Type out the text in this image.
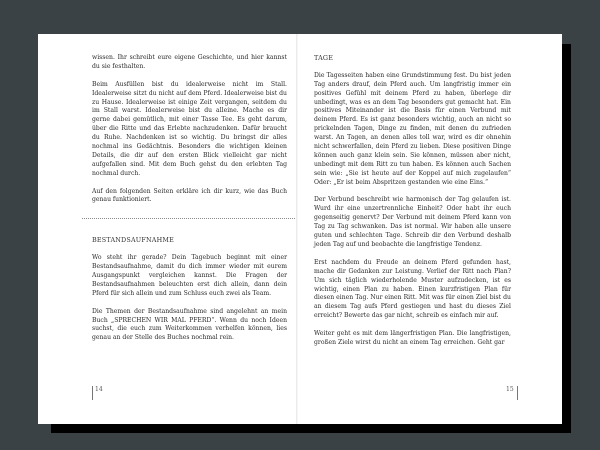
wissen. Ihr schreibt eure eigene Geschichte, und hier kannst du sie festhalten.

Beim Ausfüllen bist du idealerweise nicht im Stall. Idealerweise sitzt du nicht auf dem Pferd. Idealerweise bist du zu Hause. Idealerweise ist einige Zeit vergangen, seitdem du im Stall warst. Idealerweise bist du alleine. Mache es dir gerne dabei gemütlich, mit einer Tasse Tee. Es geht darum, über die Ritte und das Erlebte nachzudenken. Dafür braucht du Ruhe. Nachdenken ist so wichtig. Du bringst dir alles nochmal ins Gedächtnis. Besonders die wichtigen kleinen Details, die dir auf den ersten Blick vielleicht gar nicht aufgefallen sind. Mit dem Buch gehst du den erlebten Tag nochmal durch.

Auf den folgenden Seiten erkläre ich dir kurz, wie das Buch genau funktioniert.

BESTANDSAUFNAHME

Wo steht ihr gerade? Dein Tagebuch beginnt mit einer Bestandsaufnahme, damit du dich immer wieder mit eurem Ausgangspunkt vergleichen kannst. Die Fragen der Bestandsaufnahmen beleuchten erst dich allein, dann dein Pferd für sich allein und zum Schluss euch zwei als Team.

Die Themen der Bestandsaufnahme sind angelehnt an mein Buch „SPRECHEN WIR MAL PFERD“. Wenn du noch Ideen suchst, die euch zum Weiterkommen verhelfen können, lies genau an der Stelle des Buches nochmal rein.

14

TAGE

Die Tagesseiten haben eine Grundstimmung fest. Du bist jeden Tag anders drauf, dein Pferd auch. Um langfristig immer ein positives Gefühl mit deinem Pferd zu haben, überlege dir unbedingt, was es an dem Tag besonders gut gemacht hat. Ein positives Miteinander ist die Basis für einen Verbund mit deinem Pferd. Es ist ganz besonders wichtig, auch an nicht so prickelnden Tagen, Dinge zu finden, mit denen du zufrieden warst. An Tagen, an denen alles toll war, wird es dir ohnehin nicht schwerfallen, dein Pferd zu lieben. Diese positiven Dinge können auch ganz klein sein. Sie können, müssen aber nicht, unbedingt mit dem Ritt zu tun haben. Es können auch Sachen sein wie: „Sie ist heute auf der Koppel auf mich zugelaufen“ Oder: „Er ist beim Abspritzen gestanden wie eine Eins.“

Der Verbund beschreibt wie harmonisch der Tag gelaufen ist. Wurd ihr eine unzertrennliche Einheit? Oder habt ihr euch gegenseitig genervt? Der Verbund mit deinem Pferd kann von Tag zu Tag schwanken. Das ist normal. Wir haben alle unsere guten und schlechten Tage. Schreib dir den Verbund deshalb jeden Tag auf und beobachte die langfristige Tendenz.

Erst nachdem du Freude an deinem Pferd gefunden hast, mache dir Gedanken zur Leistung. Verlief der Ritt nach Plan? Um sich täglich wiederholende Muster aufzudecken, ist es wichtig, einen Plan zu haben. Einen kurzfristigen Plan für diesen einen Tag. Nur einen Ritt. Mit was für einen Ziel bist du an diesem Tag aufs Pferd gestiegen und hast du dieses Ziel erreicht? Bewerte das gar nicht, schreib es einfach mir auf.

Weiter geht es mit dem längerfristigen Plan. Die langfristigen, großen Ziele wirst du nicht an einem Tag erreichen. Geht gar

15
